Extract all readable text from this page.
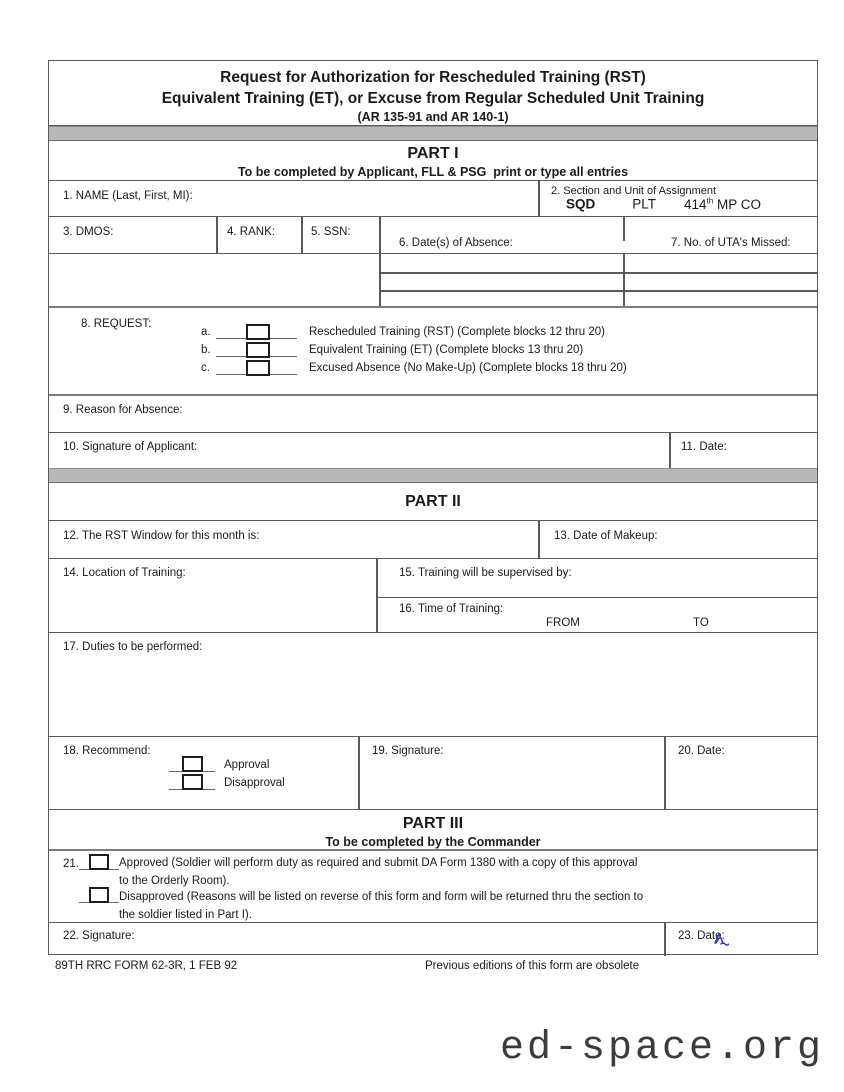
Request for Authorization for Rescheduled Training (RST)
Equivalent Training (ET), or Excuse from Regular Scheduled Unit Training
(AR 135-91 and AR 140-1)
PART I
To be completed by Applicant, FLL & PSG  print or type all entries
1. NAME (Last, First, MI):	2. Section and Unit of Assignment
SQD	PLT 414th MP CO
3. DMOS:	4. RANK:	5. SSN:
6. Date(s) of Absence:	7. No. of UTA's Missed:
8. REQUEST:
a.	Rescheduled Training (RST) (Complete blocks 12 thru 20)
b.	Equivalent Training (ET) (Complete blocks 13 thru 20)
c.	Excused Absence (No Make-Up) (Complete blocks 18 thru 20)
9. Reason for Absence:
10. Signature of Applicant:	11. Date:
PART II
12. The RST Window for this month is:	13. Date of Makeup:
14. Location of Training:	15. Training will be supervised by:
16. Time of Training:
FROM	TO
17. Duties to be performed:
18. Recommend:
Approval
Disapproval
19. Signature:	20. Date:
PART III
To be completed by the Commander
21.	Approved (Soldier will perform duty as required and submit DA Form 1380 with a copy of this approval
to the Orderly Room).
Disapproved (Reasons will be listed on reverse of this form and form will be returned thru the section to
the soldier listed in Part I).
22. Signature:	23. Date:
89TH RRC FORM 62-3R, 1 FEB 92	Previous editions of this form are obsolete
ed-space.org
